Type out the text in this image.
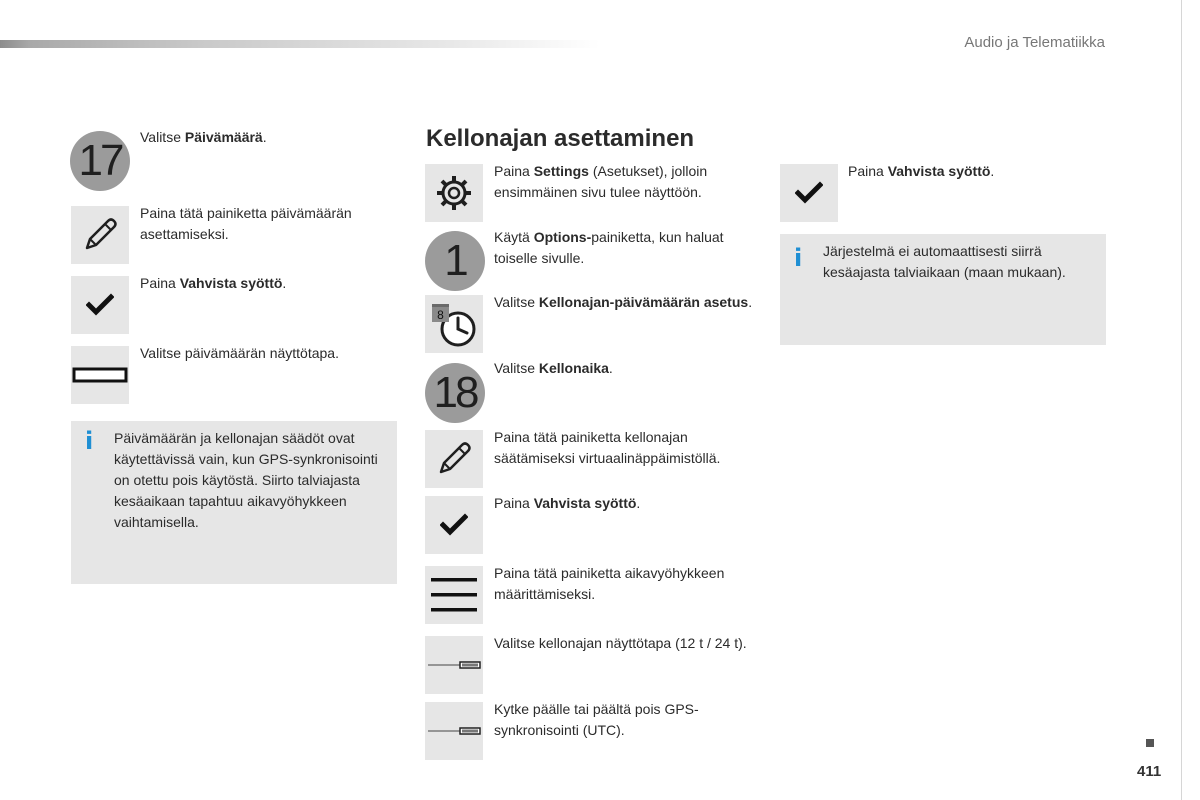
Audio ja Telematiikka
17 Valitse Päivämäärä.
Paina tätä painiketta päivämäärän asettamiseksi.
Paina Vahvista syöttö.
Valitse päivämäärän näyttötapa.
i Päivämäärän ja kellonajan säädöt ovat käytettävissä vain, kun GPS-synkronisointi on otettu pois käytöstä. Siirto talviajasta kesäaikaan tapahtuu aikavyöhykkeen vaihtamisella.
Kellonajan asettaminen
Paina Settings (Asetukset), jolloin ensimmäinen sivu tulee näyttöön.
1 Käytä Options-painiketta, kun haluat toiselle sivulle.
8
Valitse Kellonajan-päivämäärän asetus.
18 Valitse Kellonaika.
Paina tätä painiketta kellonajan säätämiseksi virtuaalinäppäimistöllä.
Paina Vahvista syöttö.
Paina tätä painiketta aikavyöhykkeen määrittämiseksi.
Valitse kellonajan näyttötapa (12 t / 24 t).
Kytke päälle tai päältä pois GPS-synkronisointi (UTC).
Paina Vahvista syöttö.
i Järjestelmä ei automaattisesti siirrä kesäajasta talviaikaan (maan mukaan).
411
